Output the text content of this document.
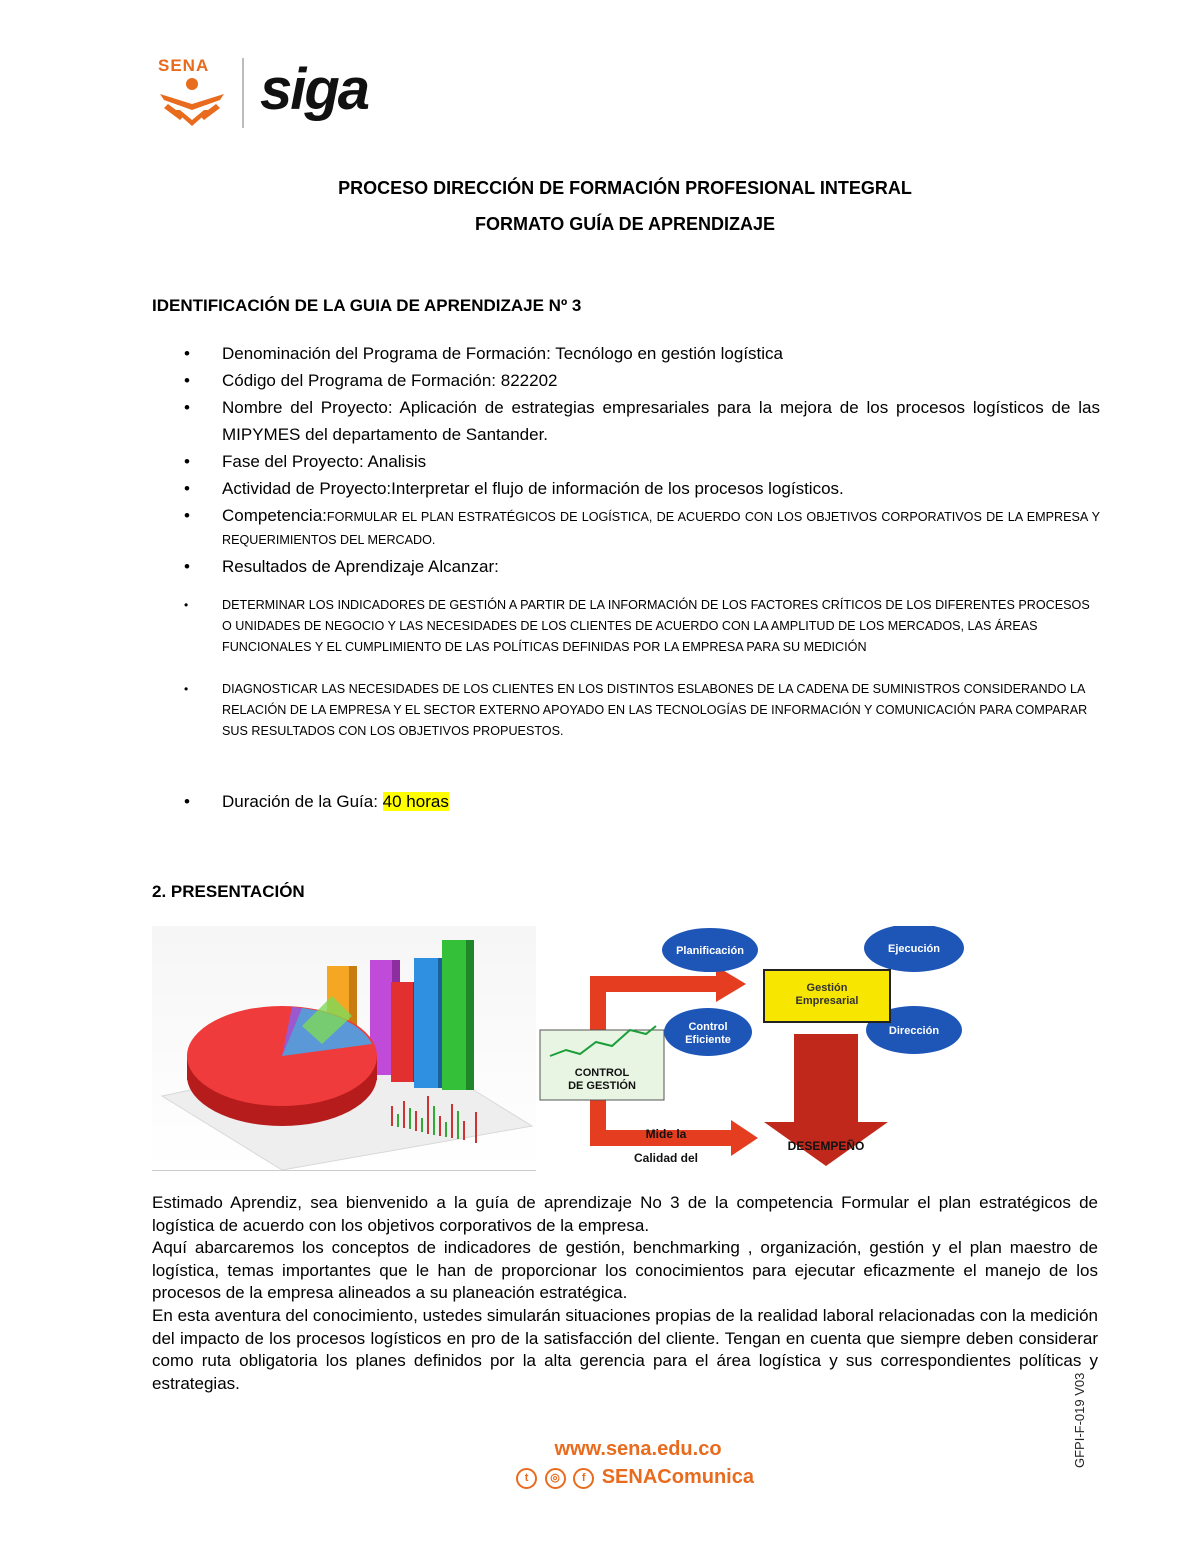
SENA siga
PROCESO DIRECCIÓN DE FORMACIÓN PROFESIONAL INTEGRAL
FORMATO GUÍA DE APRENDIZAJE
IDENTIFICACIÓN DE LA GUIA DE APRENDIZAJE Nº 3
• Denominación del Programa de Formación: Tecnólogo en gestión logística
• Código del Programa de Formación: 822202
• Nombre del Proyecto: Aplicación de estrategias empresariales para la mejora de los procesos logísticos de las MIPYMES del departamento de Santander.
• Fase del Proyecto: Analisis
• Actividad de Proyecto:Interpretar el flujo de información de los procesos logísticos.
• Competencia:FORMULAR EL PLAN ESTRATÉGICOS DE LOGÍSTICA, DE ACUERDO CON LOS OBJETIVOS CORPORATIVOS DE LA EMPRESA Y REQUERIMIENTOS DEL MERCADO.
• Resultados de Aprendizaje Alcanzar:
•	DETERMINAR LOS INDICADORES DE GESTIÓN A PARTIR DE LA INFORMACIÓN DE LOS FACTORES CRÍTICOS DE LOS DIFERENTES PROCESOS O UNIDADES DE NEGOCIO Y LAS NECESIDADES DE LOS CLIENTES DE ACUERDO CON LA AMPLITUD DE LOS MERCADOS, LAS ÁREAS FUNCIONALES Y EL CUMPLIMIENTO DE LAS POLÍTICAS DEFINIDAS POR LA EMPRESA PARA SU MEDICIÓN
•	DIAGNOSTICAR LAS NECESIDADES DE LOS CLIENTES EN LOS DISTINTOS ESLABONES DE LA CADENA DE SUMINISTROS CONSIDERANDO LA RELACIÓN DE LA EMPRESA Y EL SECTOR EXTERNO APOYADO EN LAS TECNOLOGÍAS DE INFORMACIÓN Y COMUNICACIÓN PARA COMPARAR SUS RESULTADOS CON LOS OBJETIVOS PROPUESTOS.
• Duración de la Guía: 40 horas
2. PRESENTACIÓN
CONTROL
DE GESTIÓN
Planificación	Ejecución
Control
Eficiente
Dirección
Gestión
Empresarial
Mide la
Calidad del
DESEMPEÑO

Estimado Aprendiz, sea bienvenido a la guía de aprendizaje No 3 de la competencia Formular el plan estratégicos de logística de acuerdo con los objetivos corporativos de la empresa.

Aquí abarcaremos los conceptos de indicadores de gestión, benchmarking , organización, gestión y el plan maestro de logística, temas importantes que le han de proporcionar los conocimientos para ejecutar eficazmente el manejo de los procesos de la empresa alineados a su planeación estratégica.

En esta aventura del conocimiento, ustedes simularán situaciones propias de la realidad laboral relacionadas con la medición del impacto de los procesos logísticos en pro de la satisfacción del cliente. Tengan en cuenta que siempre deben considerar como ruta obligatoria los planes definidos por la alta gerencia para el área logística y sus correspondientes políticas y estrategias.

www.sena.edu.co
t ◎ f SENAComunica
GFPI-F-019 V03
